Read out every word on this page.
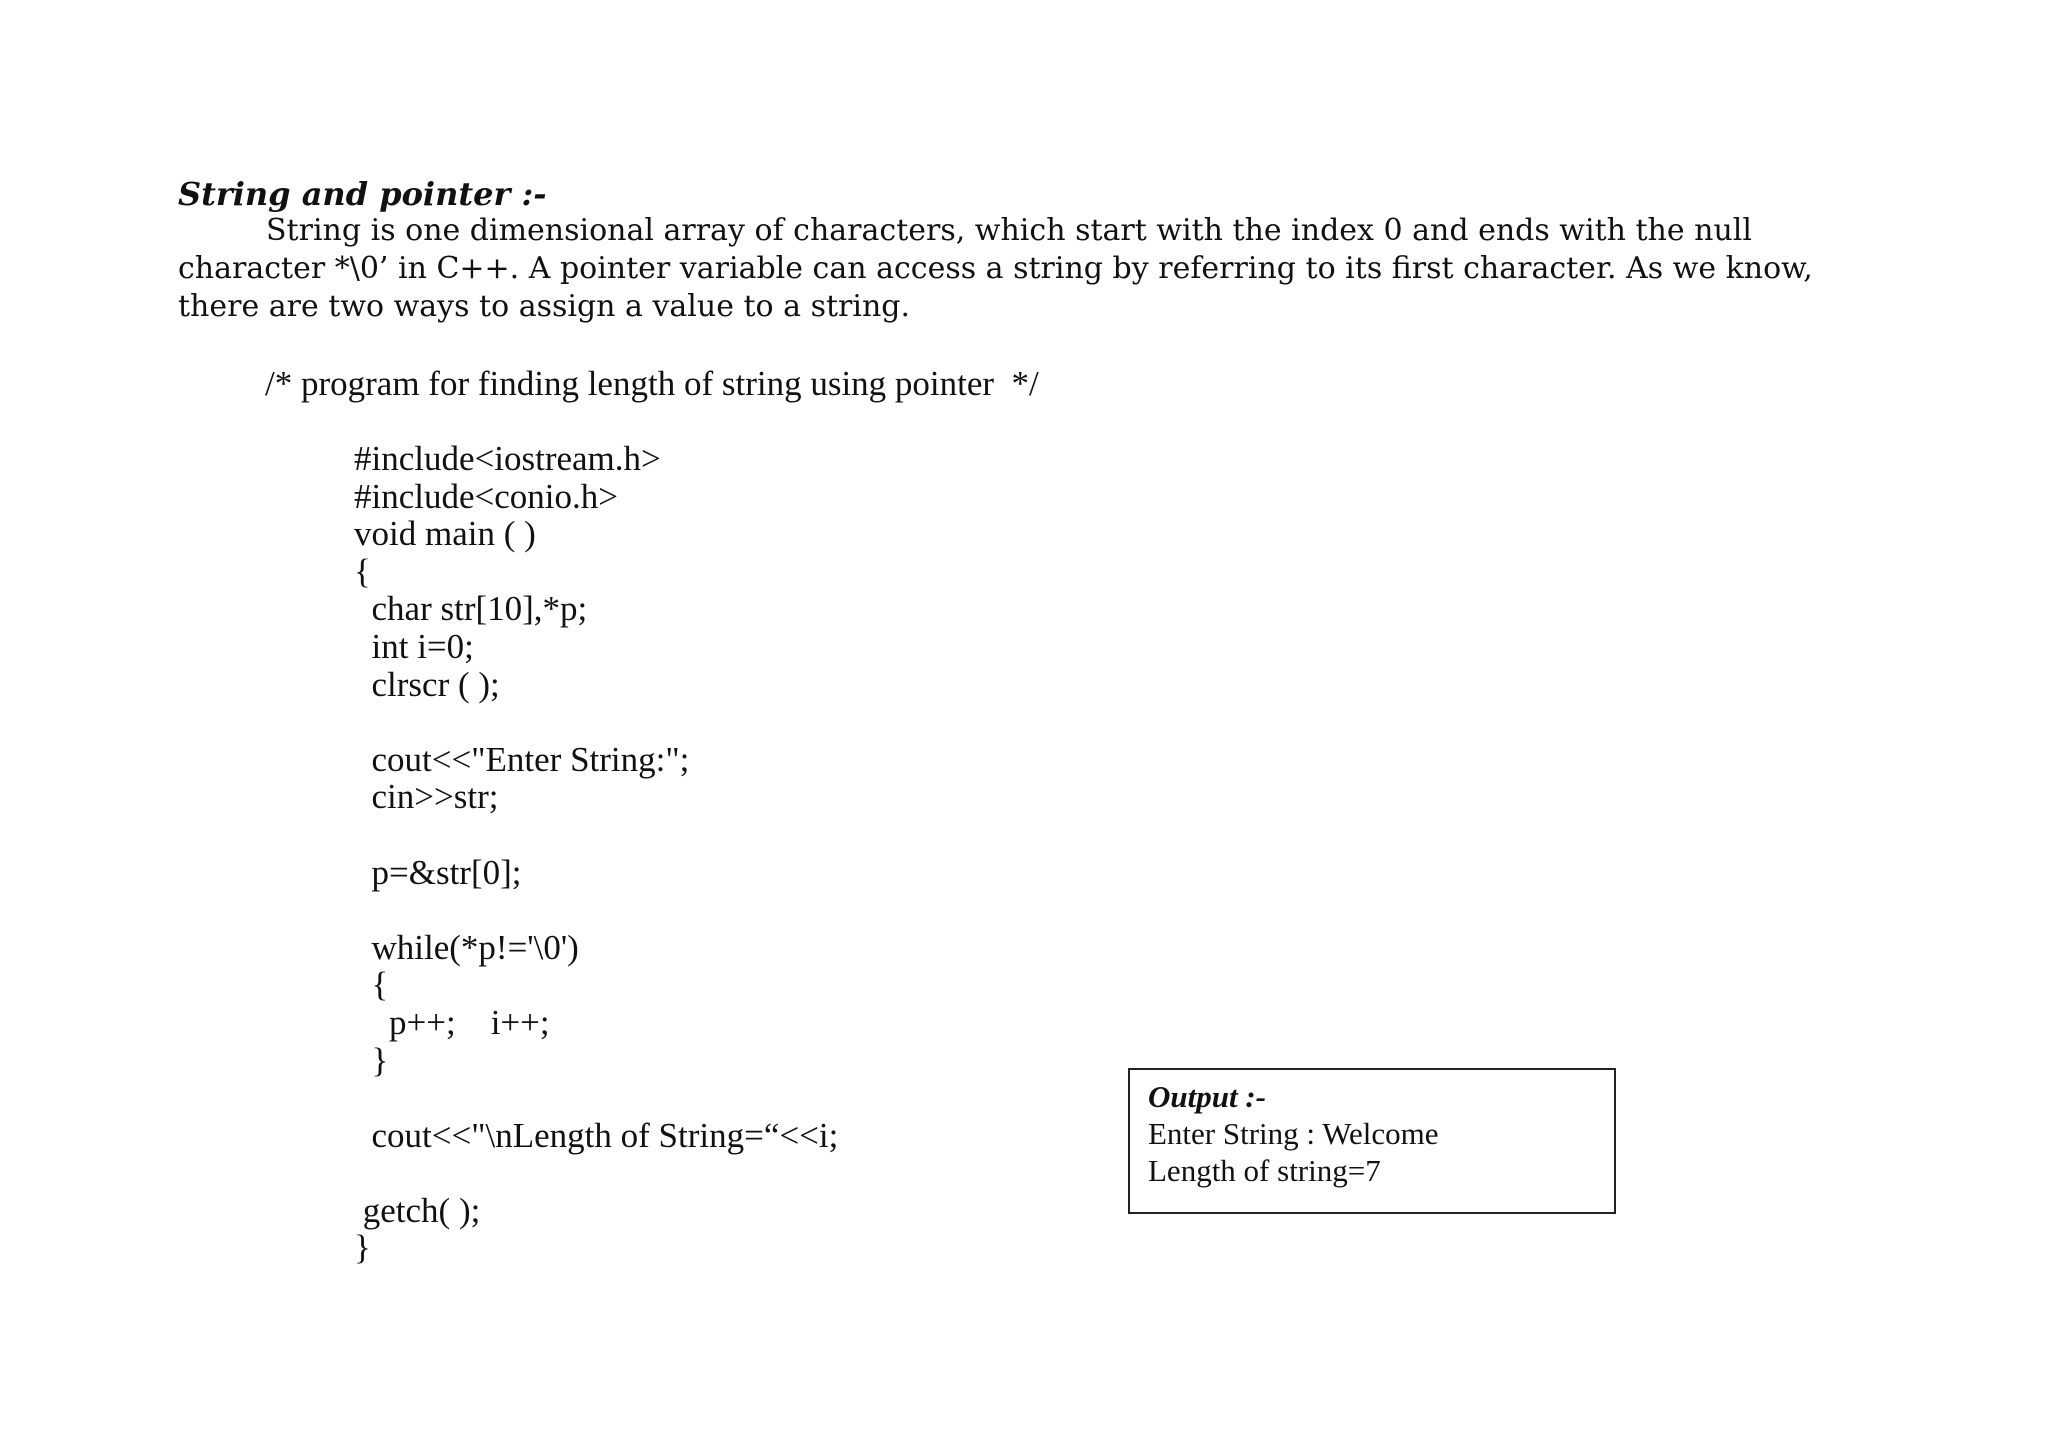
String and pointer :-
String is one dimensional array of characters, which start with the index 0 and ends with the null
character *\0’ in C++. A pointer variable can access a string by referring to its first character. As we know,
there are two ways to assign a value to a string.
/* program for finding length of string using pointer  */
#include<iostream.h>
#include<conio.h>
void main ( )
{
char str[10],*p;
int i=0;
clrscr ( );
cout<<"Enter String:";
cin>>str;
p=&str[0];
while(*p!='\0')
{
p++;    i++;
}
cout<<"\nLength of String=“<<i;
getch( );
}
Output :-
Enter String : Welcome
Length of string=7
